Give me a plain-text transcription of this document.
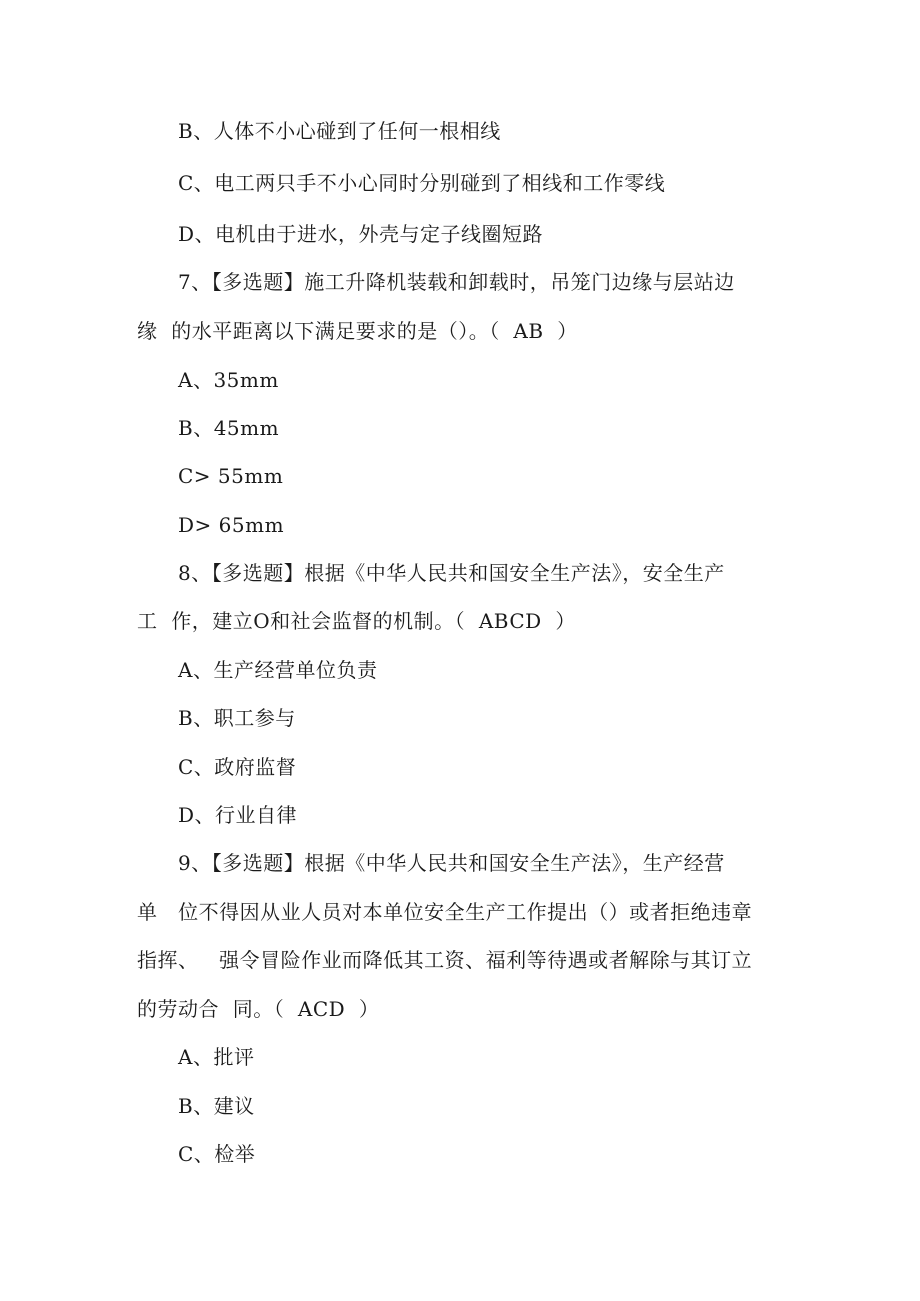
B、人体不小心碰到了任何一根相线
C、电工两只手不小心同时分别碰到了相线和工作零线
D、电机由于进水，外壳与定子线圈短路
7、【多选题】施工升降机装载和卸载时，吊笼门边缘与层站边
缘  的水平距离以下满足要求的是（）。（  AB  ）
A、35mm
B、45mm
C> 55mm
D> 65mm
8、【多选题】根据《中华人民共和国安全生产法》，安全生产
工  作，建立O和社会监督的机制。（  ABCD  ）
A、生产经营单位负责
B、职工参与
C、政府监督
D、行业自律
9、【多选题】根据《中华人民共和国安全生产法》，生产经营
单   位不得因从业人员对本单位安全生产工作提出（）或者拒绝违章
指挥、   强令冒险作业而降低其工资、福利等待遇或者解除与其订立
的劳动合  同。（  ACD  ）
A、批评
B、建议
C、检举
